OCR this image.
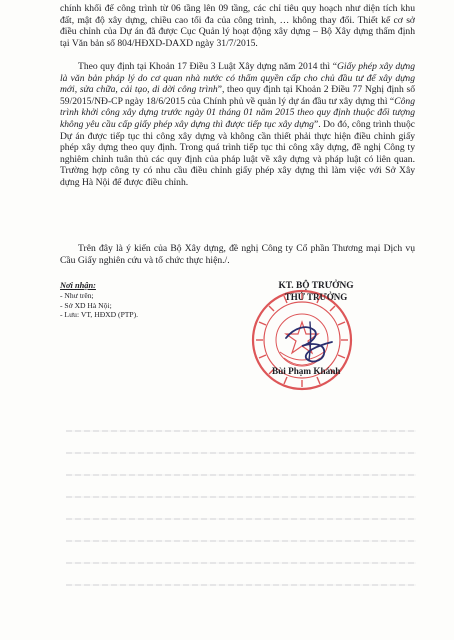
chính khối để công trình từ 06 tầng lên 09 tầng, các chỉ tiêu quy hoạch như diện tích khu đất, mật độ xây dựng, chiều cao tối đa của công trình, … không thay đổi. Thiết kế cơ sở điều chỉnh của Dự án đã được Cục Quản lý hoạt động xây dựng – Bộ Xây dựng thẩm định tại Văn bản số 804/HĐXD-DAXD ngày 31/7/2015.

Theo quy định tại Khoản 17 Điều 3 Luật Xây dựng năm 2014 thì “Giấy phép xây dựng là văn bản pháp lý do cơ quan nhà nước có thẩm quyền cấp cho chủ đầu tư để xây dựng mới, sửa chữa, cải tạo, di dời công trình”, theo quy định tại Khoản 2 Điều 77 Nghị định số 59/2015/NĐ-CP ngày 18/6/2015 của Chính phủ về quản lý dự án đầu tư xây dựng thì “Công trình khởi công xây dựng trước ngày 01 tháng 01 năm 2015 theo quy định thuộc đối tượng không yêu cầu cấp giấy phép xây dựng thì được tiếp tục xây dựng”. Do đó, công trình thuộc Dự án được tiếp tục thi công xây dựng và không cần thiết phải thực hiện điều chỉnh giấy phép xây dựng theo quy định. Trong quá trình tiếp tục thi công xây dựng, đề nghị Công ty nghiêm chỉnh tuân thủ các quy định của pháp luật về xây dựng và pháp luật có liên quan. Trường hợp công ty có nhu cầu điều chỉnh giấy phép xây dựng thì làm việc với Sở Xây dựng Hà Nội để được điều chỉnh.

Trên đây là ý kiến của Bộ Xây dựng, đề nghị Công ty Cổ phần Thương mại Dịch vụ Cầu Giấy nghiên cứu và tổ chức thực hiện./.

Nơi nhận:
- Như trên;
- Sở XD Hà Nội;
- Lưu: VT, HĐXD (PTP).
KT. BỘ TRƯỞNG
THỨ TRƯỞNG
Bùi Phạm Khánh
